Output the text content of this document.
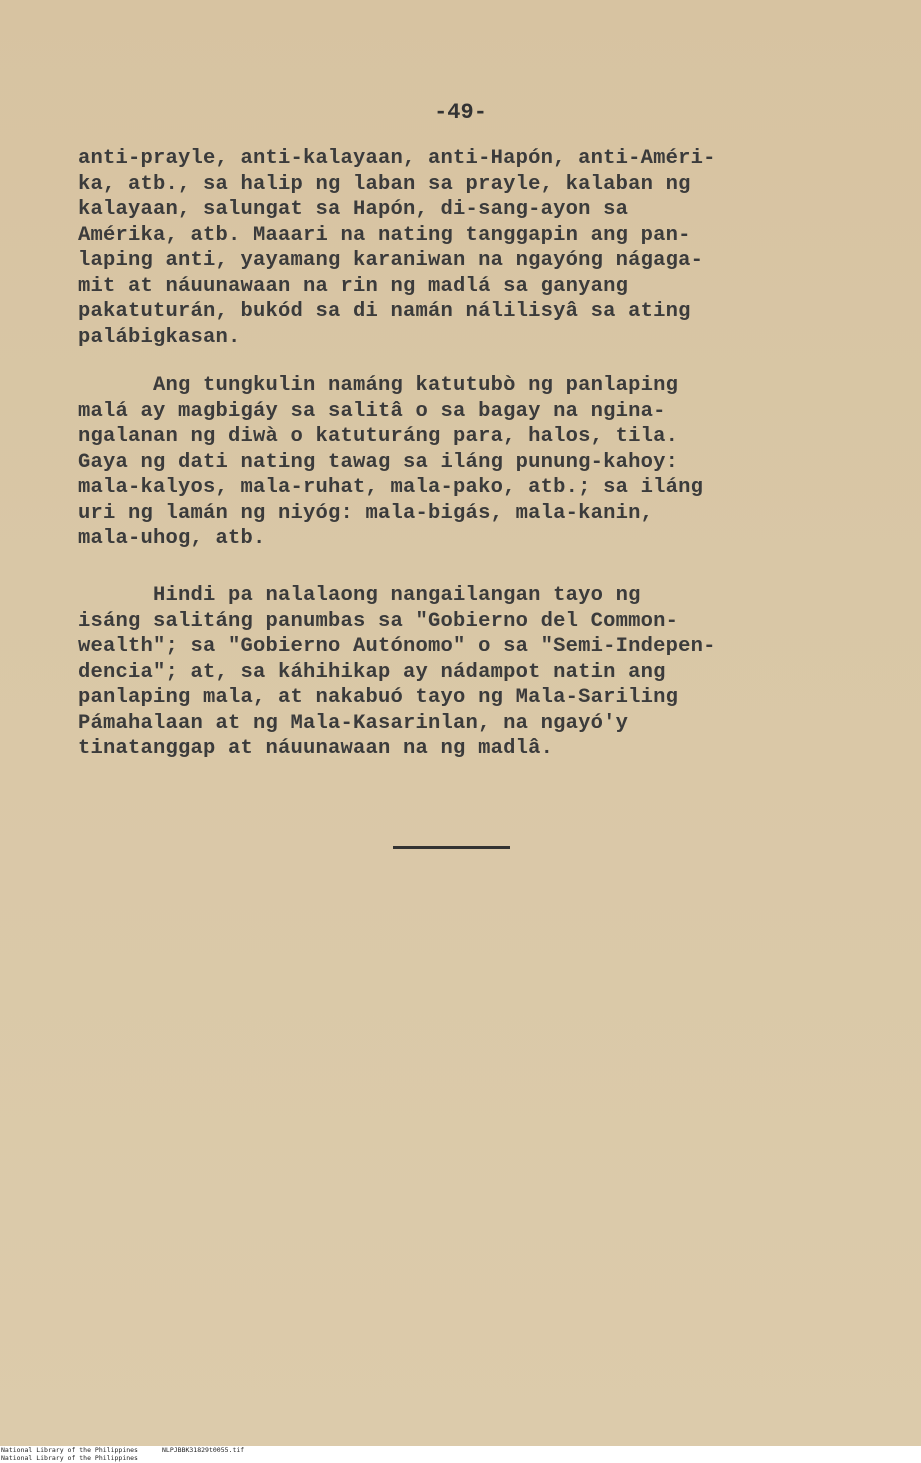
-49-
anti-prayle, anti-kalayaan, anti-Hapón, anti-Améri-
ka, atb., sa halip ng laban sa prayle, kalaban ng
kalayaan, salungat sa Hapón, di-sang-ayon sa
Amérika, atb. Maaari na nating tanggapin ang pan-
laping anti, yayamang karaniwan na ngayóng nágaga-
mit at náuunawaan na rin ng madlá sa ganyang
pakatuturán, bukód sa di namán nálilisyâ sa ating
palábigkasan.
Ang tungkulin namáng katutubò ng panlaping
malá ay magbigáy sa salitâ o sa bagay na ngina-
ngalanan ng diwà o katuturáng para, halos, tila.
Gaya ng dati nating tawag sa iláng punung-kahoy:
mala-kalyos, mala-ruhat, mala-pako, atb.; sa iláng
uri ng lamán ng niyóg: mala-bigás, mala-kanin,
mala-uhog, atb.
Hindi pa nalalaong nangailangan tayo ng
isáng salitáng panumbas sa "Gobierno del Common-
wealth"; sa "Gobierno Autónomo" o sa "Semi-Indepen-
dencia"; at, sa káhihikap ay nádampot natin ang
panlaping mala, at nakabuó tayo ng Mala-Sariling
Pámahalaan at ng Mala-Kasarinlan, na ngayó'y
tinatanggap at náuunawaan na ng madlâ.
National Library of the Philippines
National Library of the Philippines
NLPJBBK31829t0055.tif
